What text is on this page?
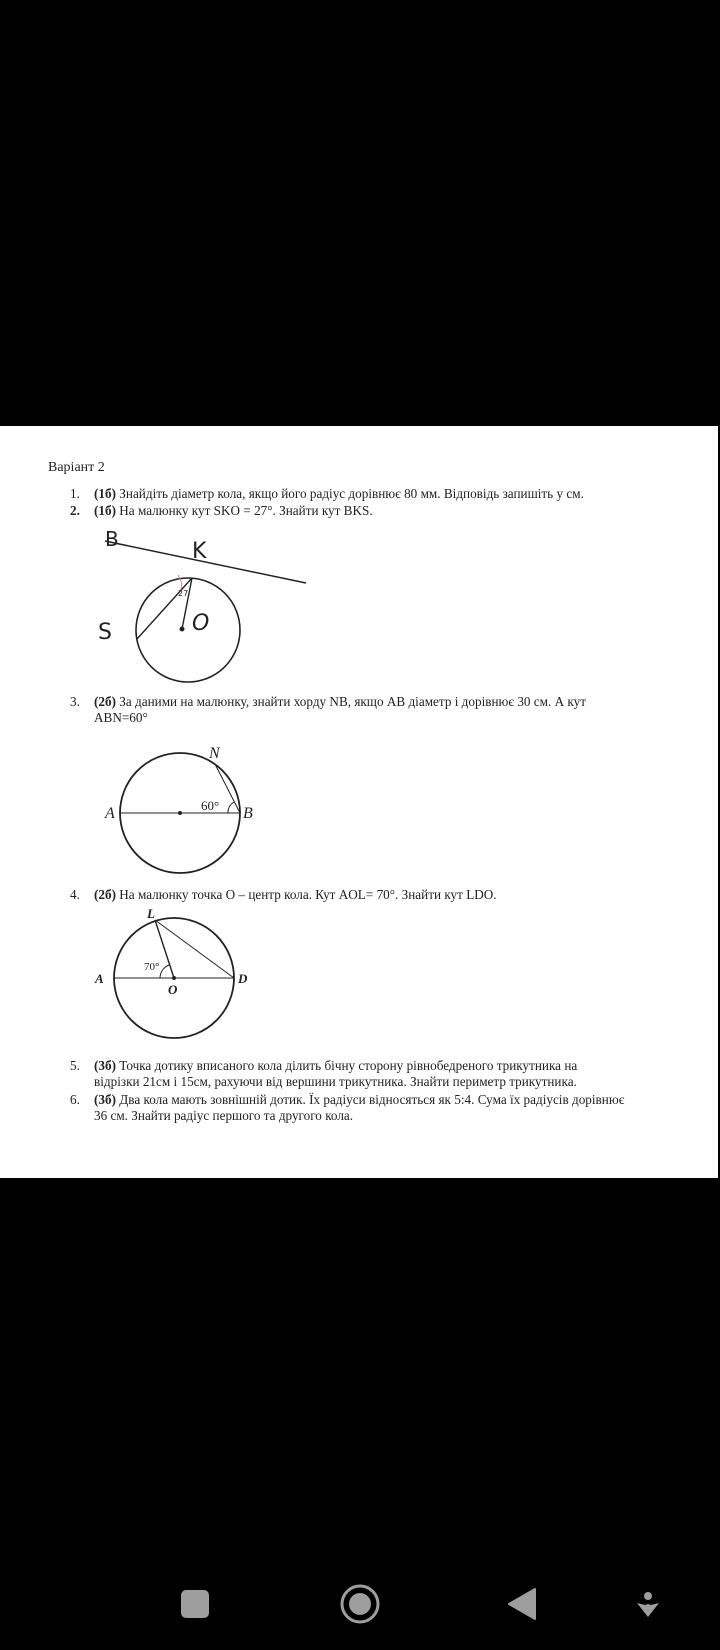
Варіант 2
1. (1б) Знайдіть діаметр кола, якщо його радіус дорівнює 80 мм. Відповідь запишіть у см.
2. (1б) На малюнку кут SKO = 27°. Знайти кут BKS.
B	K
O
S
27
3. (2б) За даними на малюнку, знайти хорду NB, якщо AB діаметр і дорівнює 30 см. А кут
ABN=60°
A	B
N
60°
4. (2б) На малюнку точка O – центр кола. Кут AOL= 70°. Знайти кут LDO.
A	D
L
O
70°
5. (3б) Точка дотику вписаного кола ділить бічну сторону рівнобедреного трикутника на
відрізки 21см і 15см, рахуючи від вершини трикутника. Знайти периметр трикутника.
6. (3б) Два кола мають зовнішній дотик. Їх радіуси відносяться як 5:4. Сума їх радіусів дорівнює
36 см. Знайти радіус першого та другого кола.
